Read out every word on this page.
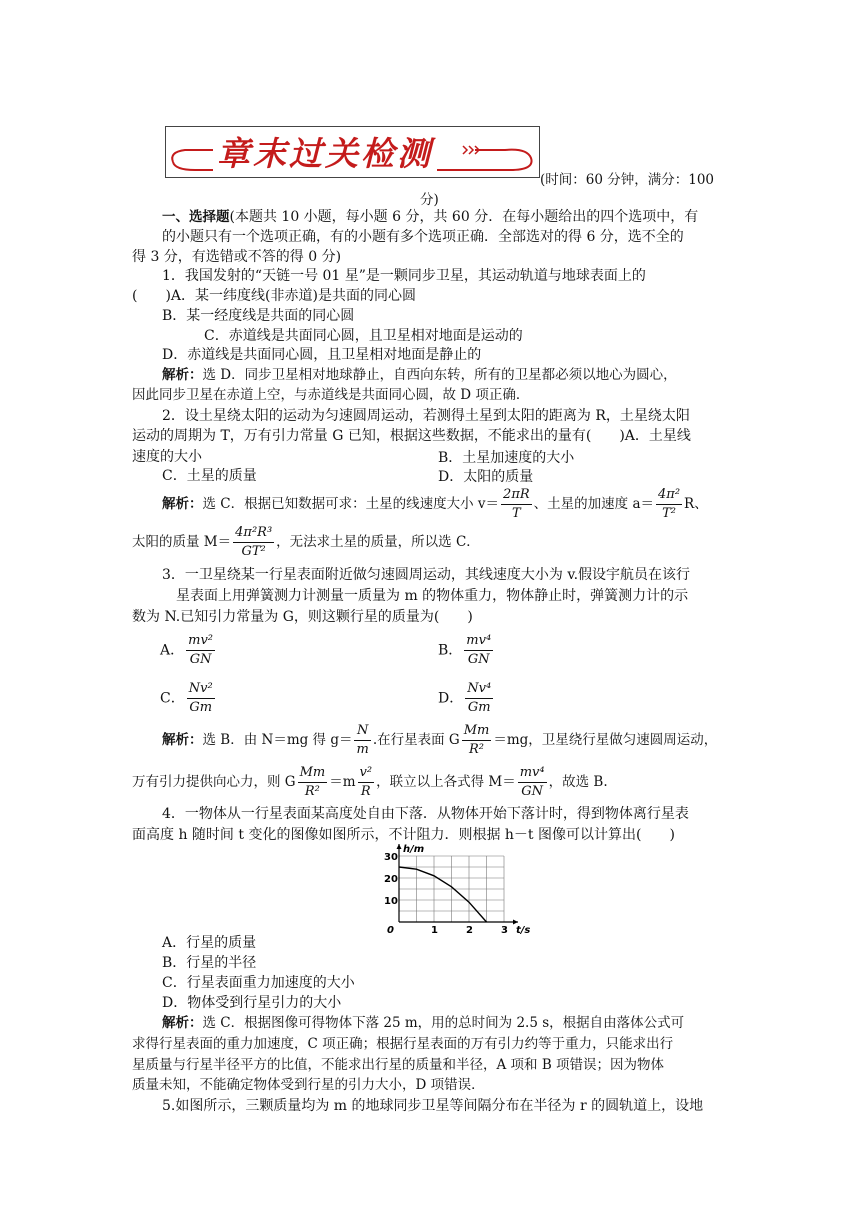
章末过关检测
(时间：60 分钟，满分：100
分)
一、选择题(本题共 10 小题，每小题 6 分，共 60 分．在每小题给出的四个选项中，有
的小题只有一个选项正确，有的小题有多个选项正确．全部选对的得 6 分，选不全的
得 3 分，有选错或不答的得 0 分)
1．我国发射的“天链一号 01 星”是一颗同步卫星，其运动轨道与地球表面上的
(　　)A．某一纬度线(非赤道)是共面的同心圆
B．某一经度线是共面的同心圆
C．赤道线是共面同心圆，且卫星相对地面是运动的
D．赤道线是共面同心圆，且卫星相对地面是静止的
解析：选 D．同步卫星相对地球静止，自西向东转，所有的卫星都必须以地心为圆心，
因此同步卫星在赤道上空，与赤道线是共面同心圆，故 D 项正确．
2．设土星绕太阳的运动为匀速圆周运动，若测得土星到太阳的距离为 R，土星绕太阳
运动的周期为 T，万有引力常量 G 已知，根据这些数据，不能求出的量有(　　)A．土星线
速度的大小	B．土星加速度的大小
C．土星的质量	D．太阳的质量
解析：选 C．根据已知数据可求：土星的线速度大小 $v= \frac{2\pi R}{T}$ 、土星的加速度 $a= \frac{\text{4π²}}{\text{T²}}$ R、
太阳的质量 $M= \frac{\text{4π²R³}}{\text{GT²}}$ ，无法求土星的质量，所以选 C．
3．一卫星绕某一行星表面附近做匀速圆周运动，其线速度大小为 v.假设宇航员在该行
星表面上用弹簧测力计测量一质量为 m 的物体重力，物体静止时，弹簧测力计的示
数为 N.已知引力常量为 G，则这颗行星的质量为(　　)
A． $\frac{\text{mv²}}{GN}$	B． $\frac{\text{mv⁴}}{GN}$
C． $\frac{\text{Nv²}}{Gm}$	D． $\frac{\text{Nv⁴}}{Gm}$
解析：选 B．由 N＝mg 得 $g= \frac{N}{m}$ .在行星表面 G $\frac{Mm}{\text{R²}} =mg$，卫星绕行星做匀速圆周运动，
万有引力提供向心力，则 G $\frac{Mm}{\text{R²}} =m \frac{\text{v²}}{R}$ ，联立以上各式得 $M= \frac{\text{mv⁴}}{GN}$ ，故选 B.
4．一物体从一行星表面某高度处自由下落．从物体开始下落计时，得到物体离行星表
面高度 h 随时间 t 变化的图像如图所示，不计阻力．则根据 h－t 图像可以计算出(　　)
h/m
t/s
0
30
20
10
1	2	3
A．行星的质量
B．行星的半径
C．行星表面重力加速度的大小
D．物体受到行星引力的大小
解析：选 C．根据图像可得物体下落 25 m，用的总时间为 2.5 s，根据自由落体公式可
求得行星表面的重力加速度，C 项正确；根据行星表面的万有引力约等于重力，只能求出行
星质量与行星半径平方的比值，不能求出行星的质量和半径，A 项和 B 项错误；因为物体
质量未知，不能确定物体受到行星的引力大小，D 项错误．
5.如图所示，三颗质量均为 m 的地球同步卫星等间隔分布在半径为 r 的圆轨道上，设地
